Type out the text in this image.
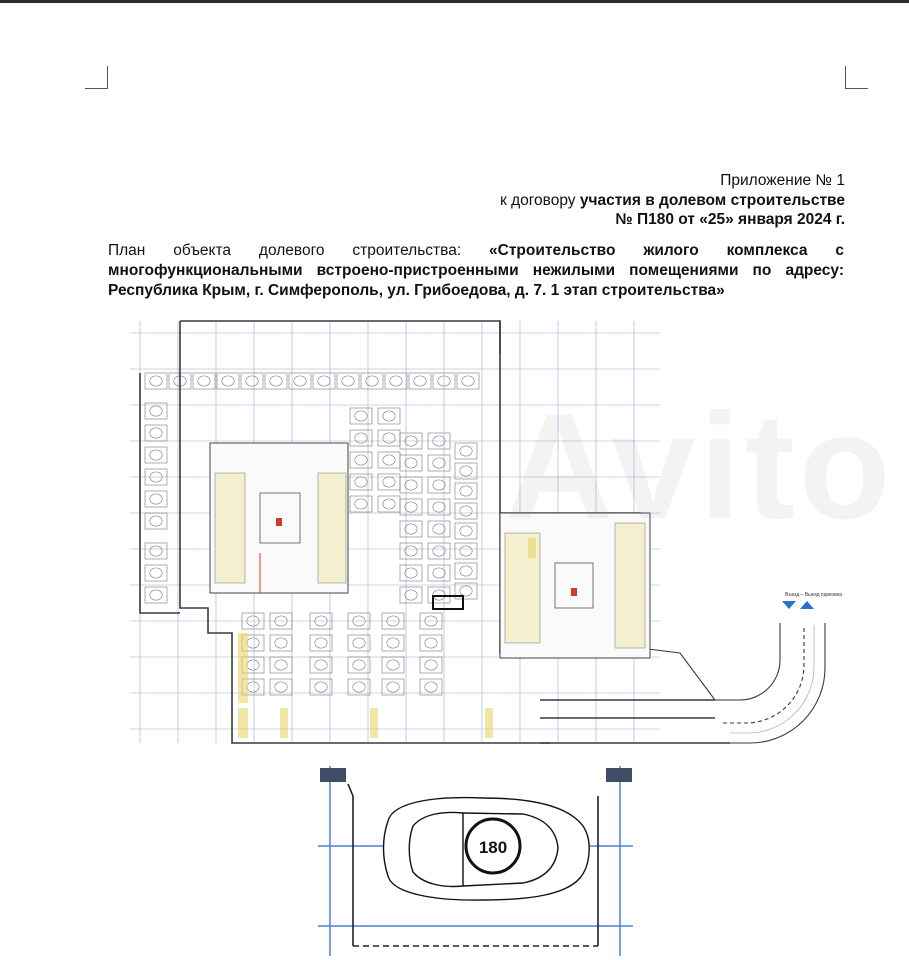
Приложение № 1
к договору участия в долевом строительстве
№ П180 от «25» января 2024 г.
План объекта долевого строительства: «Строительство жилого комплекса с многофункциональными встроено-пристроенными нежилыми помещениями по адресу:
Республика Крым, г. Симферополь, ул. Грибоедова, д. 7. 1 этап строительства»
Въезд – Выезд парковка
180
Avito
